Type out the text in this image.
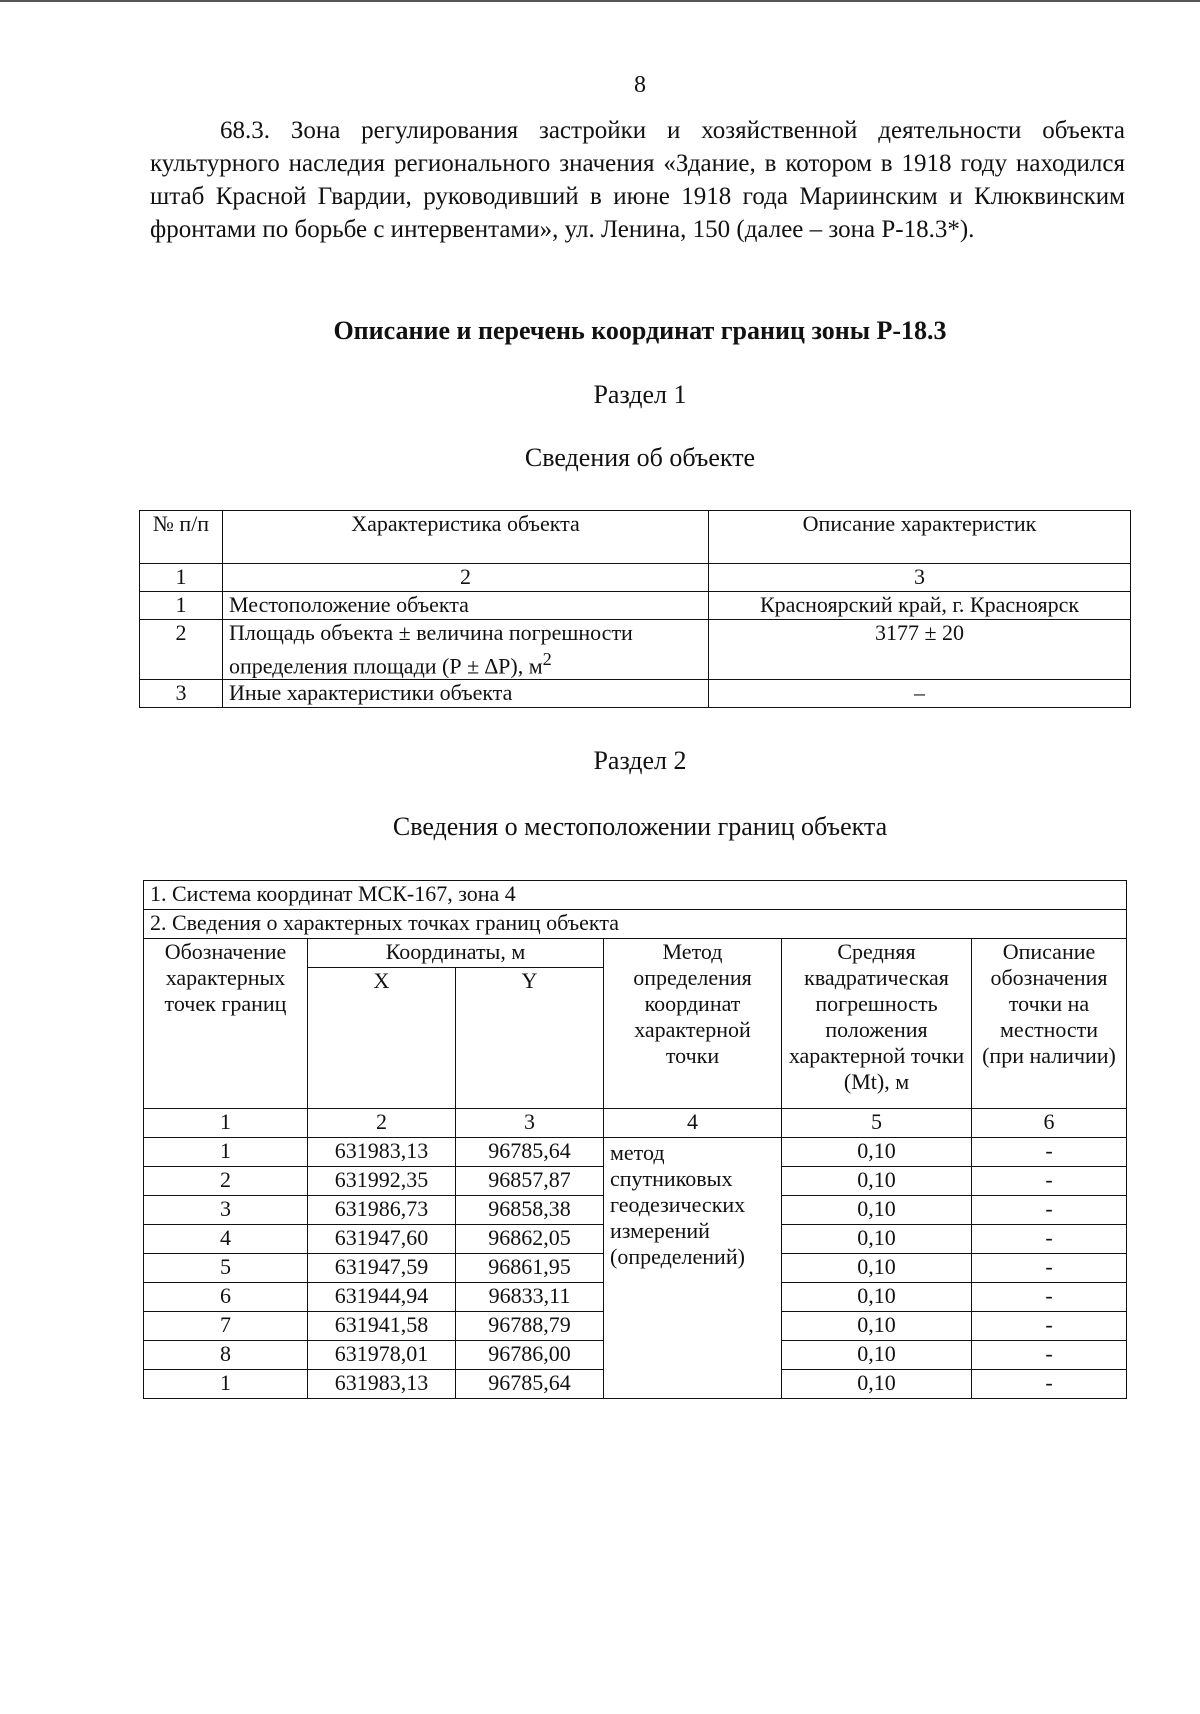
8

68.3. Зона регулирования застройки и хозяйственной деятельности объекта культурного наследия регионального значения «Здание, в котором в 1918 году находился штаб Красной Гвардии, руководивший в июне 1918 года Мариинским и Клюквинским фронтами по борьбе с интервентами», ул. Ленина, 150 (далее – зона Р-18.3*).

Описание и перечень координат границ зоны Р-18.3
Раздел 1
Сведения об объекте
№ п/п	Характеристика объекта	Описание характеристик
1	2	3
1	Местоположение объекта	Красноярский край, г. Красноярск
2	Площадь объекта ± величина погрешности определения площади (Р ± ∆Р), $м^2$	3177 ± 20
3	Иные характеристики объекта	–
Раздел 2
Сведения о местоположении границ объекта
1. Система координат МСК-167, зона 4					
2. Сведения о характерных точках границ объекта					
Обозначение характерных точек границ	Координаты, м		Метод определения координат характерной точки	Средняя квадратическая погрешность положения характерной точки (Mt), м	Описание обозначения точки на местности (при наличии)
	X	Y			
1	2	3	4	5	6
1	631983,13	96785,64	метод спутниковых геодезических измерений (определений)	0,10	-
2	631992,35	96857,87		0,10	-
3	631986,73	96858,38		0,10	-
4	631947,60	96862,05		0,10	-
5	631947,59	96861,95		0,10	-
6	631944,94	96833,11		0,10	-
7	631941,58	96788,79		0,10	-
8	631978,01	96786,00		0,10	-
1	631983,13	96785,64		0,10	-
